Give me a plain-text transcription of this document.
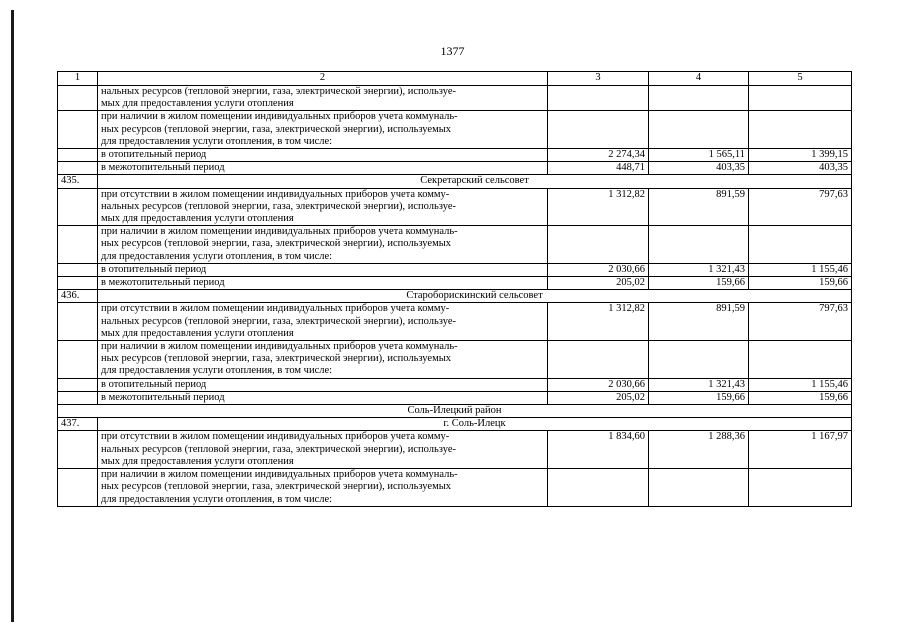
1377
1	2	3	4	5
	нальных ресурсов (тепловой энергии, газа, электрической энергии), используе-
мых для предоставления услуги отопления			
	при наличии в жилом помещении индивидуальных приборов учета коммуналь-
ных ресурсов (тепловой энергии, газа, электрической энергии), используемых
для предоставления услуги отопления, в том числе:			
	в отопительный период	2 274,34	1 565,11	1 399,15
	в межотопительный период	448,71	403,35	403,35
435.	Секретарский сельсовет			
	при отсутствии в жилом помещении индивидуальных приборов учета комму-
нальных ресурсов (тепловой энергии, газа, электрической энергии), используе-
мых для предоставления услуги отопления	1 312,82	891,59	797,63
	при наличии в жилом помещении индивидуальных приборов учета коммуналь-
ных ресурсов (тепловой энергии, газа, электрической энергии), используемых
для предоставления услуги отопления, в том числе:			
	в отопительный период	2 030,66	1 321,43	1 155,46
	в межотопительный период	205,02	159,66	159,66
436.	Староборискинский сельсовет			
	при отсутствии в жилом помещении индивидуальных приборов учета комму-
нальных ресурсов (тепловой энергии, газа, электрической энергии), используе-
мых для предоставления услуги отопления	1 312,82	891,59	797,63
	при наличии в жилом помещении индивидуальных приборов учета коммуналь-
ных ресурсов (тепловой энергии, газа, электрической энергии), используемых
для предоставления услуги отопления, в том числе:			
	в отопительный период	2 030,66	1 321,43	1 155,46
	в межотопительный период	205,02	159,66	159,66
Соль-Илецкий район				
437.	г. Соль-Илецк			
	при отсутствии в жилом помещении индивидуальных приборов учета комму-
нальных ресурсов (тепловой энергии, газа, электрической энергии), используе-
мых для предоставления услуги отопления	1 834,60	1 288,36	1 167,97
	при наличии в жилом помещении индивидуальных приборов учета коммуналь-
ных ресурсов (тепловой энергии, газа, электрической энергии), используемых
для предоставления услуги отопления, в том числе:			
